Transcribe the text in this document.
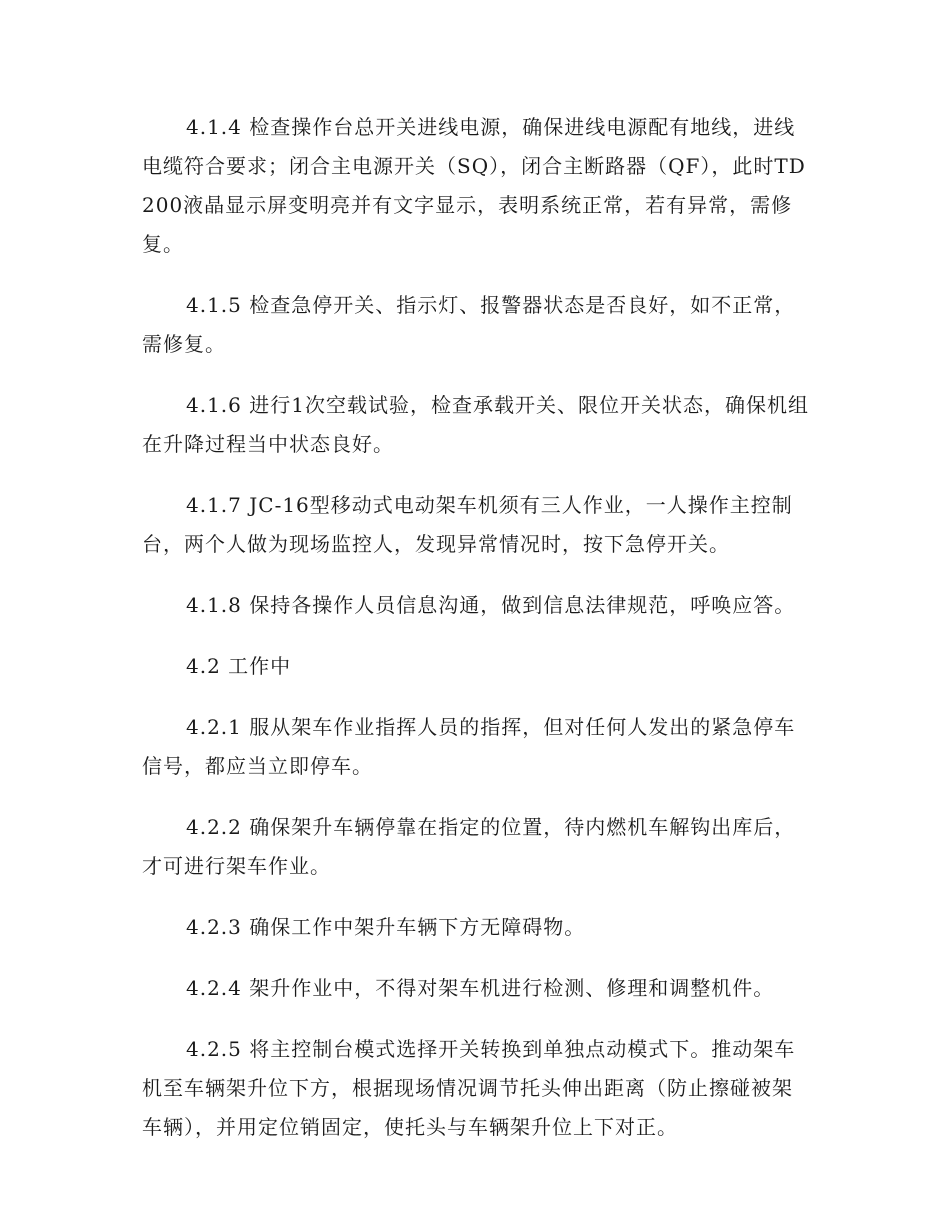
4.1.4 检查操作台总开关进线电源，确保进线电源配有地线，进线电缆符合要求；闭合主电源开关（SQ），闭合主断路器（QF），此时TD200液晶显示屏变明亮并有文字显示，表明系统正常，若有异常，需修复。

4.1.5 检查急停开关、指示灯、报警器状态是否良好，如不正常，需修复。

4.1.6 进行1次空载试验，检查承载开关、限位开关状态，确保机组在升降过程当中状态良好。

4.1.7 JC-16型移动式电动架车机须有三人作业，一人操作主控制台，两个人做为现场监控人，发现异常情况时，按下急停开关。

4.1.8 保持各操作人员信息沟通，做到信息法律规范，呼唤应答。

4.2 工作中

4.2.1 服从架车作业指挥人员的指挥，但对任何人发出的紧急停车信号，都应当立即停车。

4.2.2 确保架升车辆停靠在指定的位置，待内燃机车解钩出库后，才可进行架车作业。

4.2.3 确保工作中架升车辆下方无障碍物。

4.2.4 架升作业中，不得对架车机进行检测、修理和调整机件。

4.2.5 将主控制台模式选择开关转换到单独点动模式下。推动架车机至车辆架升位下方，根据现场情况调节托头伸出距离（防止擦碰被架车辆），并用定位销固定，使托头与车辆架升位上下对正。
